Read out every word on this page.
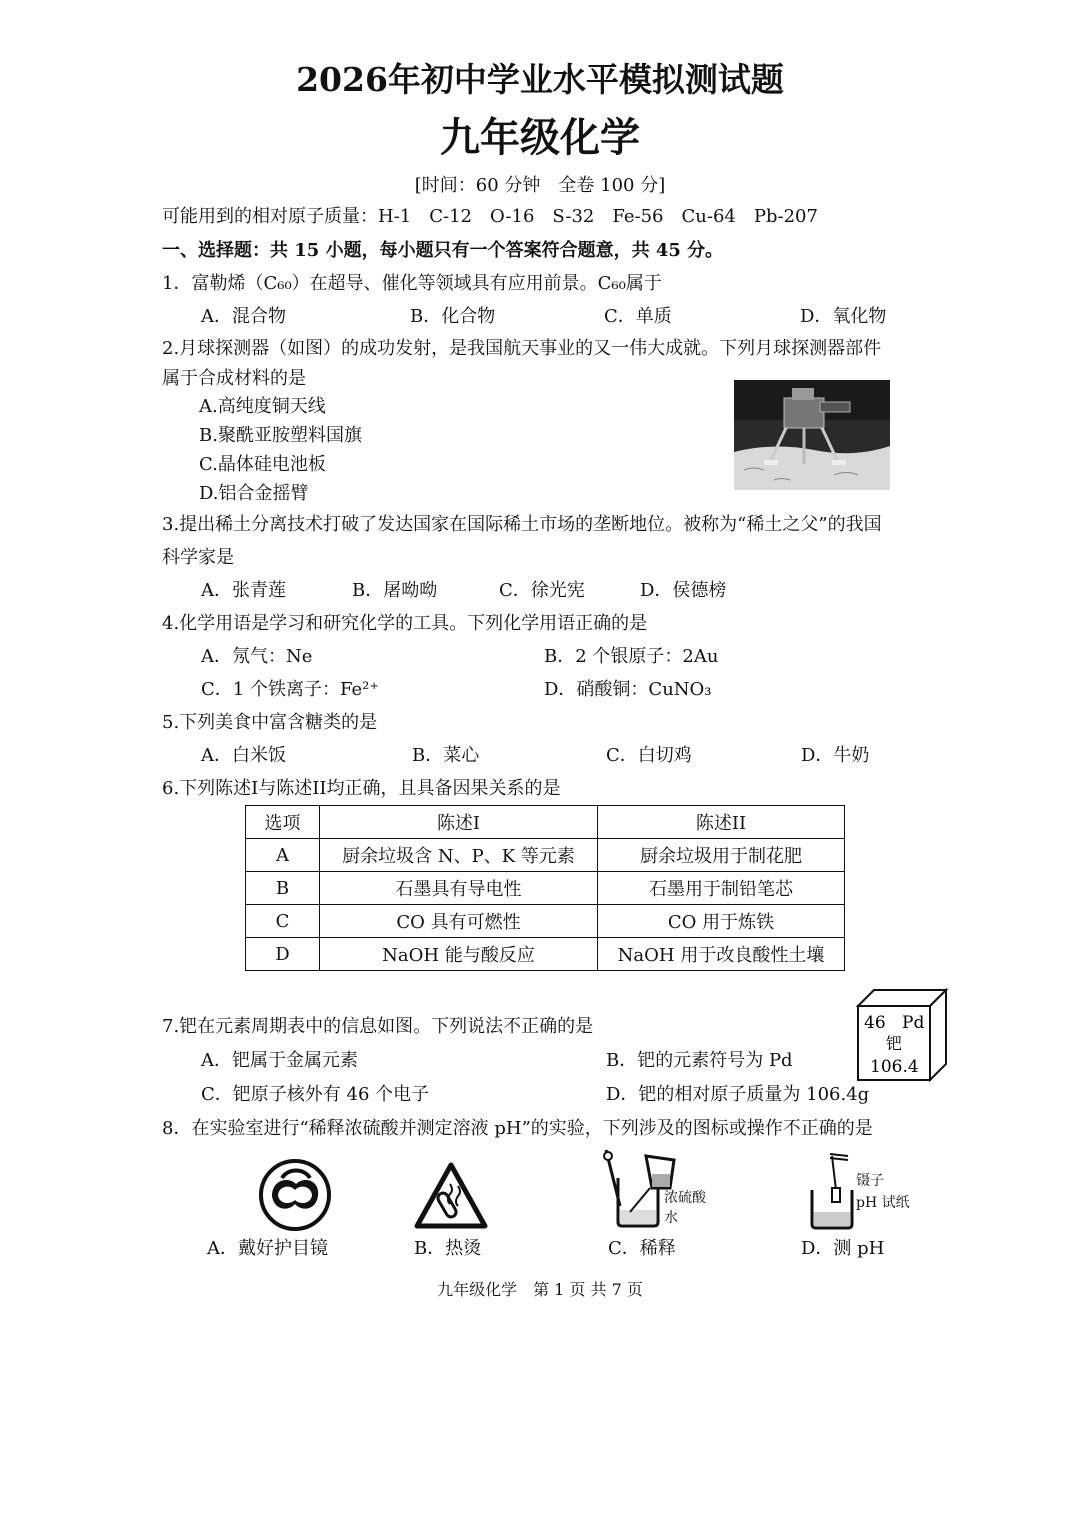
2026年初中学业水平模拟测试题
九年级化学
[时间：60 分钟　全卷 100 分]
可能用到的相对原子质量：H-1　C-12　O-16　S-32　Fe-56　Cu-64　Pb-207
一、选择题：共 15 小题，每小题只有一个答案符合题意，共 45 分。
1．富勒烯（C₆₀）在超导、催化等领域具有应用前景。C₆₀属于
A．混合物	B．化合物	C．单质	D．氧化物
2.月球探测器（如图）的成功发射，是我国航天事业的又一伟大成就。下列月球探测器部件
属于合成材料的是
A.高纯度铜天线
B.聚酰亚胺塑料国旗
C.晶体硅电池板
D.铝合金摇臂
3.提出稀土分离技术打破了发达国家在国际稀土市场的垄断地位。被称为“稀土之父”的我国
科学家是
A．张青莲	B．屠呦呦	C．徐光宪	D．侯德榜
4.化学用语是学习和研究化学的工具。下列化学用语正确的是
A．氖气：Ne	B．2 个银原子：2Au
C．1 个铁离子：Fe²⁺	D．硝酸铜：CuNO₃
5.下列美食中富含糖类的是
A．白米饭	B．菜心	C．白切鸡	D．牛奶
6.下列陈述I与陈述II均正确，且具备因果关系的是
选项	陈述I	陈述II
A	厨余垃圾含 N、P、K 等元素	厨余垃圾用于制花肥
B	石墨具有导电性	石墨用于制铅笔芯
C	CO 具有可燃性	CO 用于炼铁
D	NaOH 能与酸反应	NaOH 用于改良酸性土壤
7.钯在元素周期表中的信息如图。下列说法不正确的是
A．钯属于金属元素	B．钯的元素符号为 Pd
C．钯原子核外有 46 个电子	D．钯的相对原子质量为 106.4g
46 Pd
钯
106.4
8．在实验室进行“稀释浓硫酸并测定溶液 pH”的实验，下列涉及的图标或操作不正确的是
浓硫酸
水
镊子
pH 试纸
A．戴好护目镜	B．热烫	C．稀释	D．测 pH
九年级化学　第 1 页 共 7 页
